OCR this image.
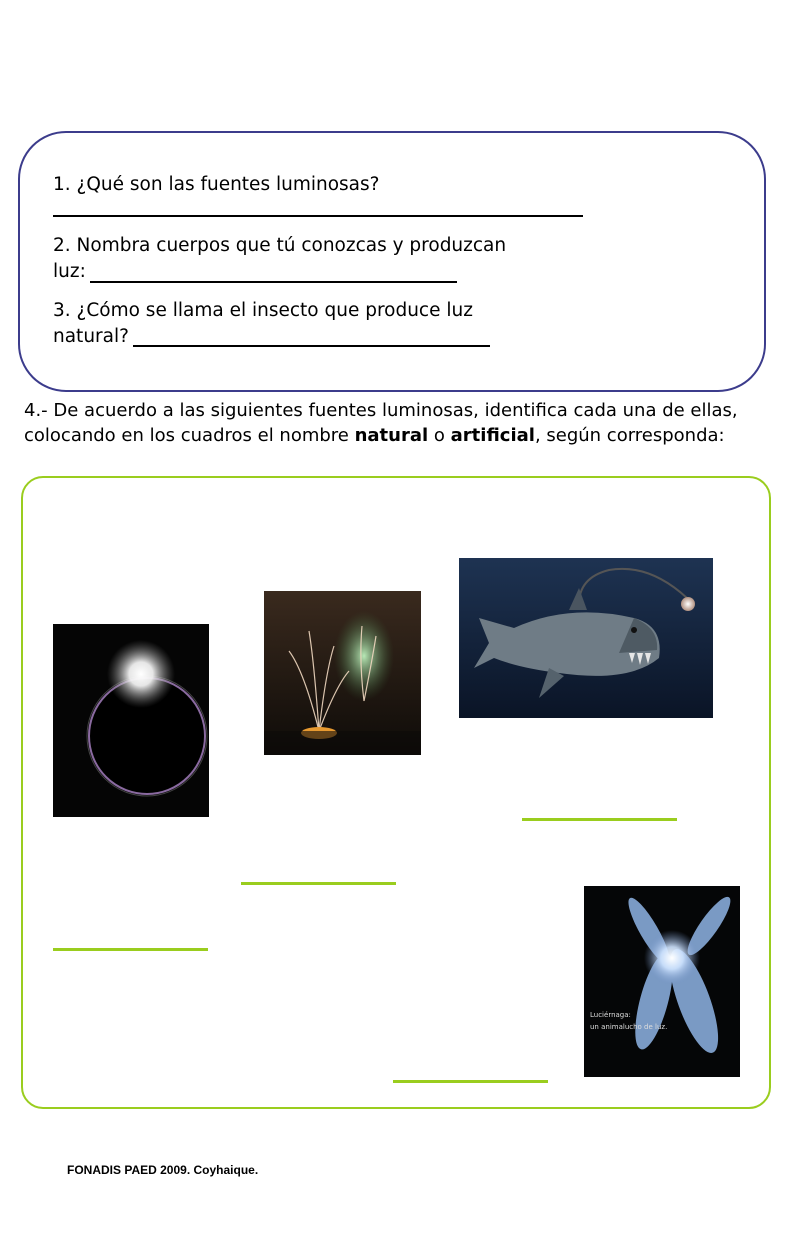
1. ¿Qué son las fuentes luminosas?
2. Nombra cuerpos que tú conozcas y produzcan
luz:
3. ¿Cómo se llama el insecto que produce luz
natural?
4.- De acuerdo a las siguientes fuentes luminosas, identifica cada una de ellas, colocando en los cuadros el nombre natural o artificial, según corresponda:
Luciérnaga:
un animalucho de luz.
FONADIS PAED 2009. Coyhaique.
